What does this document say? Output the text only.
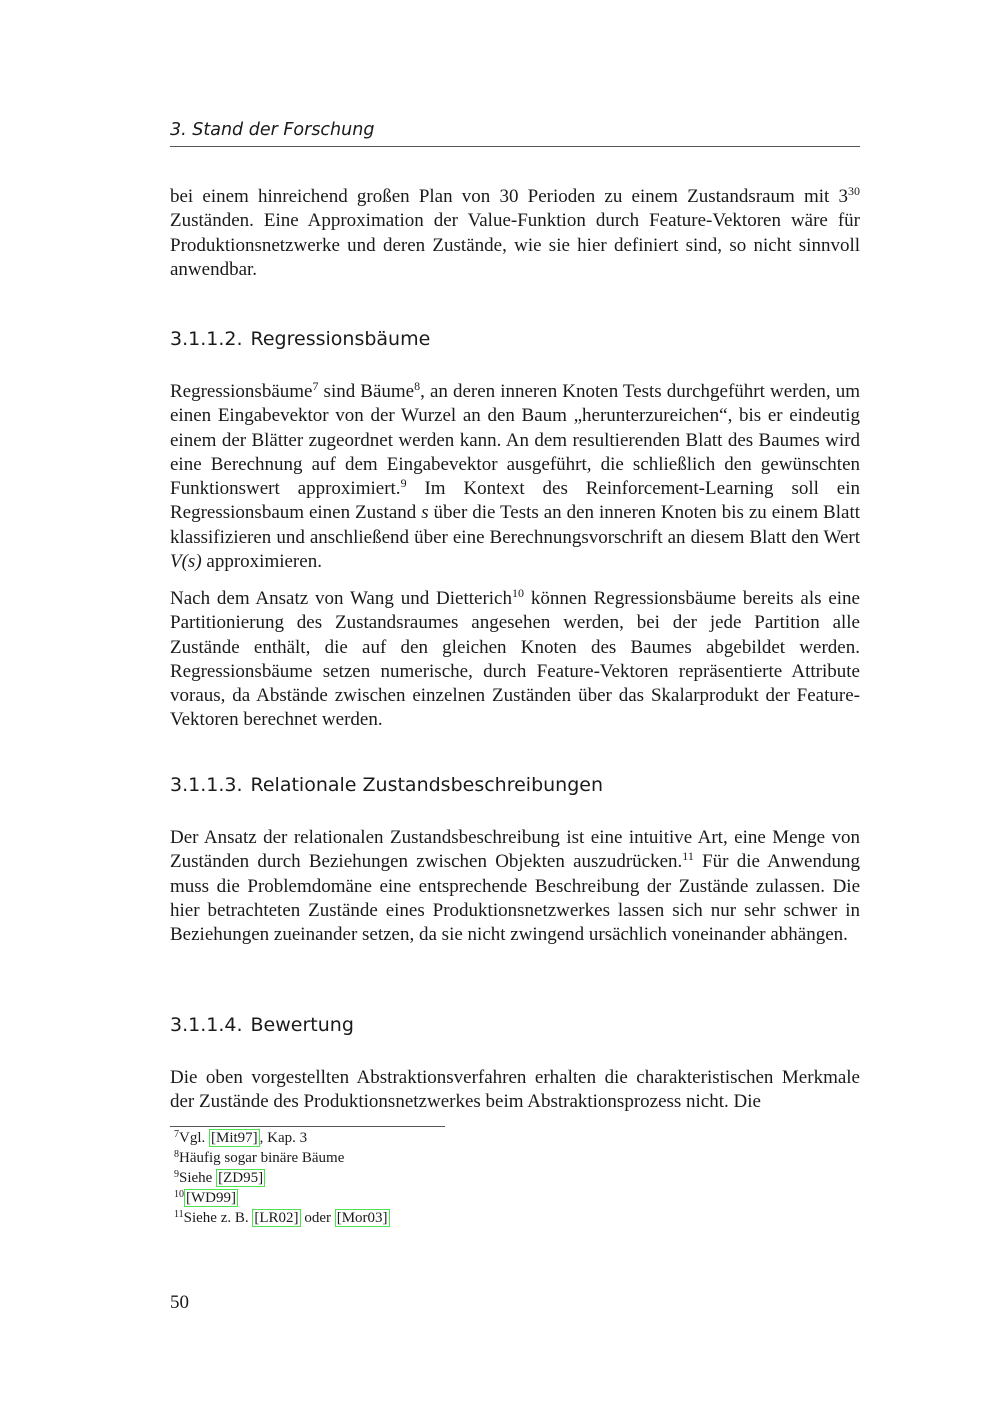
3. Stand der Forschung

bei einem hinreichend großen Plan von 30 Perioden zu einem Zustandsraum mit $3^{30}$ Zuständen. Eine Approximation der Value-Funktion durch Feature-Vektoren wäre für Produktionsnetzwerke und deren Zustände, wie sie hier definiert sind, so nicht sinnvoll anwendbar.

3.1.1.2. Regressionsbäume

Regressionsbäume$^7$ sind Bäume$^8$, an deren inneren Knoten Tests durchgeführt werden, um einen Eingabevektor von der Wurzel an den Baum „herunterzureichen“, bis er eindeutig einem der Blätter zugeordnet werden kann. An dem resultierenden Blatt des Baumes wird eine Berechnung auf dem Eingabevektor ausgeführt, die schließlich den gewünschten Funktionswert approximiert.$^9$ Im Kontext des Reinforcement-Learning soll ein Regressionsbaum einen Zustand s über die Tests an den inneren Knoten bis zu einem Blatt klassifizieren und anschließend über eine Berechnungsvorschrift an diesem Blatt den Wert V(s) approximieren.

Nach dem Ansatz von Wang und Dietterich$^{10}$ können Regressionsbäume bereits als eine Partitionierung des Zustandsraumes angesehen werden, bei der jede Partition alle Zustände enthält, die auf den gleichen Knoten des Baumes abgebildet werden. Regressionsbäume setzen numerische, durch Feature-Vektoren repräsentierte Attribute voraus, da Abstände zwischen einzelnen Zuständen über das Skalarprodukt der Feature-Vektoren berechnet werden.

3.1.1.3. Relationale Zustandsbeschreibungen

Der Ansatz der relationalen Zustandsbeschreibung ist eine intuitive Art, eine Menge von Zuständen durch Beziehungen zwischen Objekten auszudrücken.$^{11}$ Für die Anwendung muss die Problemdomäne eine entsprechende Beschreibung der Zustände zulassen. Die hier betrachteten Zustände eines Produktionsnetzwerkes lassen sich nur sehr schwer in Beziehungen zueinander setzen, da sie nicht zwingend ursächlich voneinander abhängen.

3.1.1.4. Bewertung

Die oben vorgestellten Abstraktionsverfahren erhalten die charakteristischen Merkmale der Zustände des Produktionsnetzwerkes beim Abstraktionsprozess nicht. Die

$^7$Vgl. [Mit97] , Kap. 3
$^8$Häufig sogar binäre Bäume
$^9$Siehe [ZD95]
$^{10}$ [WD99]
$^{11}$Siehe z. B. [LR02] oder [Mor03]
50
